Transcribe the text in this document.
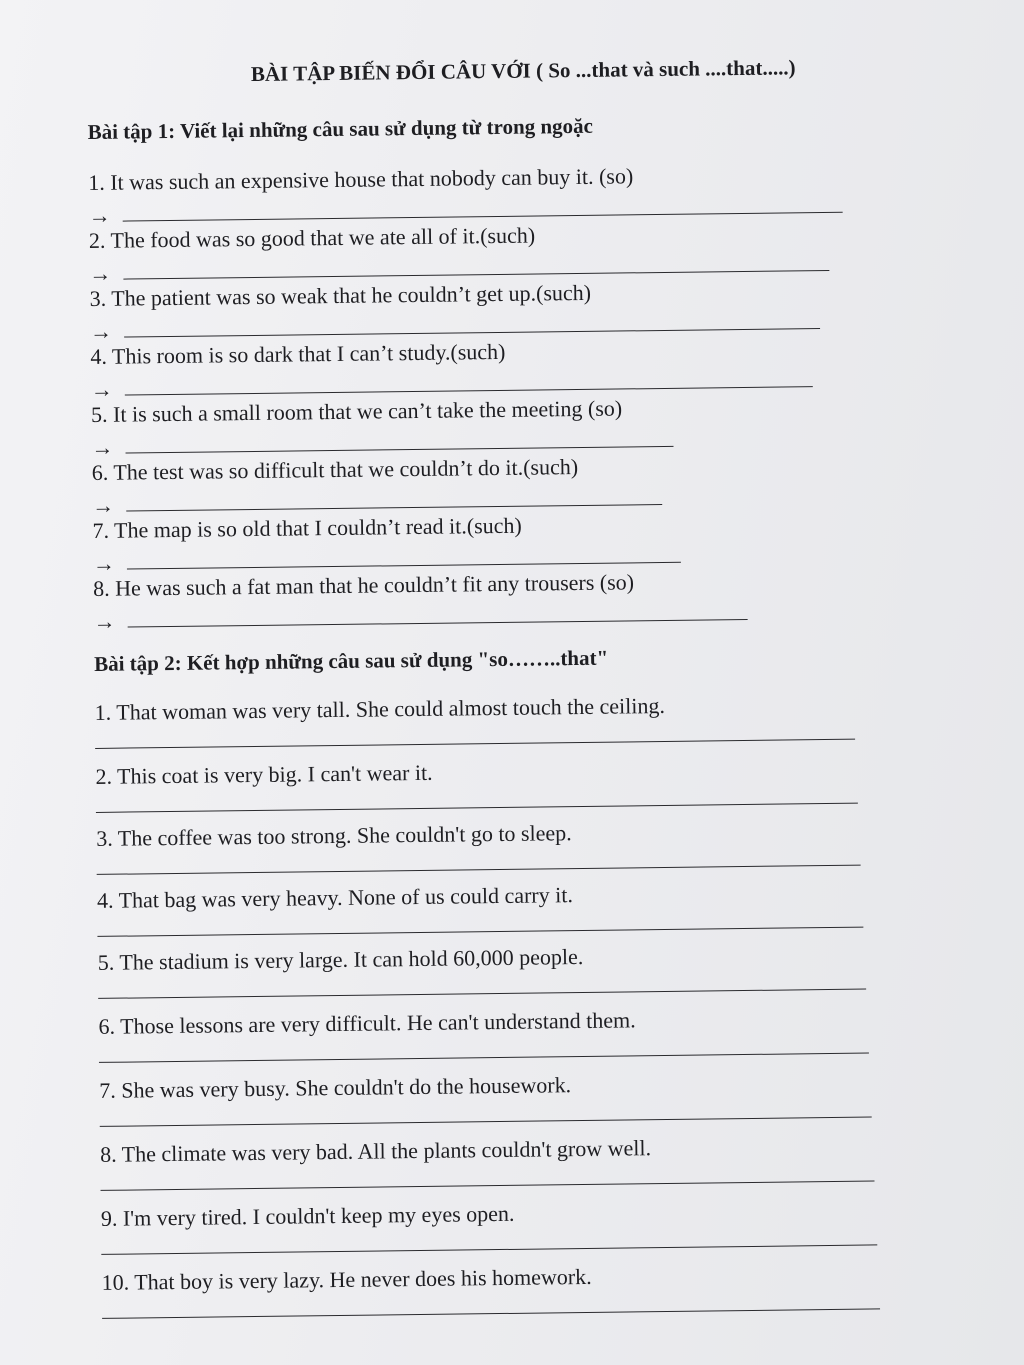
BÀI TẬP BIẾN ĐỔI CÂU VỚI ( So ...that và such ....that.....)
Bài tập 1: Viết lại những câu sau sử dụng từ trong ngoặc
1. It was such an expensive house that nobody can buy it. (so)
→
2. The food was so good that we ate all of it.(such)
→
3. The patient was so weak that he couldn’t get up.(such)
→
4. This room is so dark that I can’t study.(such)
→
5. It is such a small room that we can’t take the meeting (so)
→
6. The test was so difficult that we couldn’t do it.(such)
→
7. The map is so old that I couldn’t read it.(such)
→
8. He was such a fat man that he couldn’t fit any trousers (so)
→
Bài tập 2: Kết hợp những câu sau sử dụng "so……..that"
1. That woman was very tall. She could almost touch the ceiling.
2. This coat is very big. I can't wear it.
3. The coffee was too strong. She couldn't go to sleep.
4. That bag was very heavy. None of us could carry it.
5. The stadium is very large. It can hold 60,000 people.
6. Those lessons are very difficult. He can't understand them.
7. She was very busy. She couldn't do the housework.
8. The climate was very bad. All the plants couldn't grow well.
9. I'm very tired. I couldn't keep my eyes open.
10. That boy is very lazy. He never does his homework.
